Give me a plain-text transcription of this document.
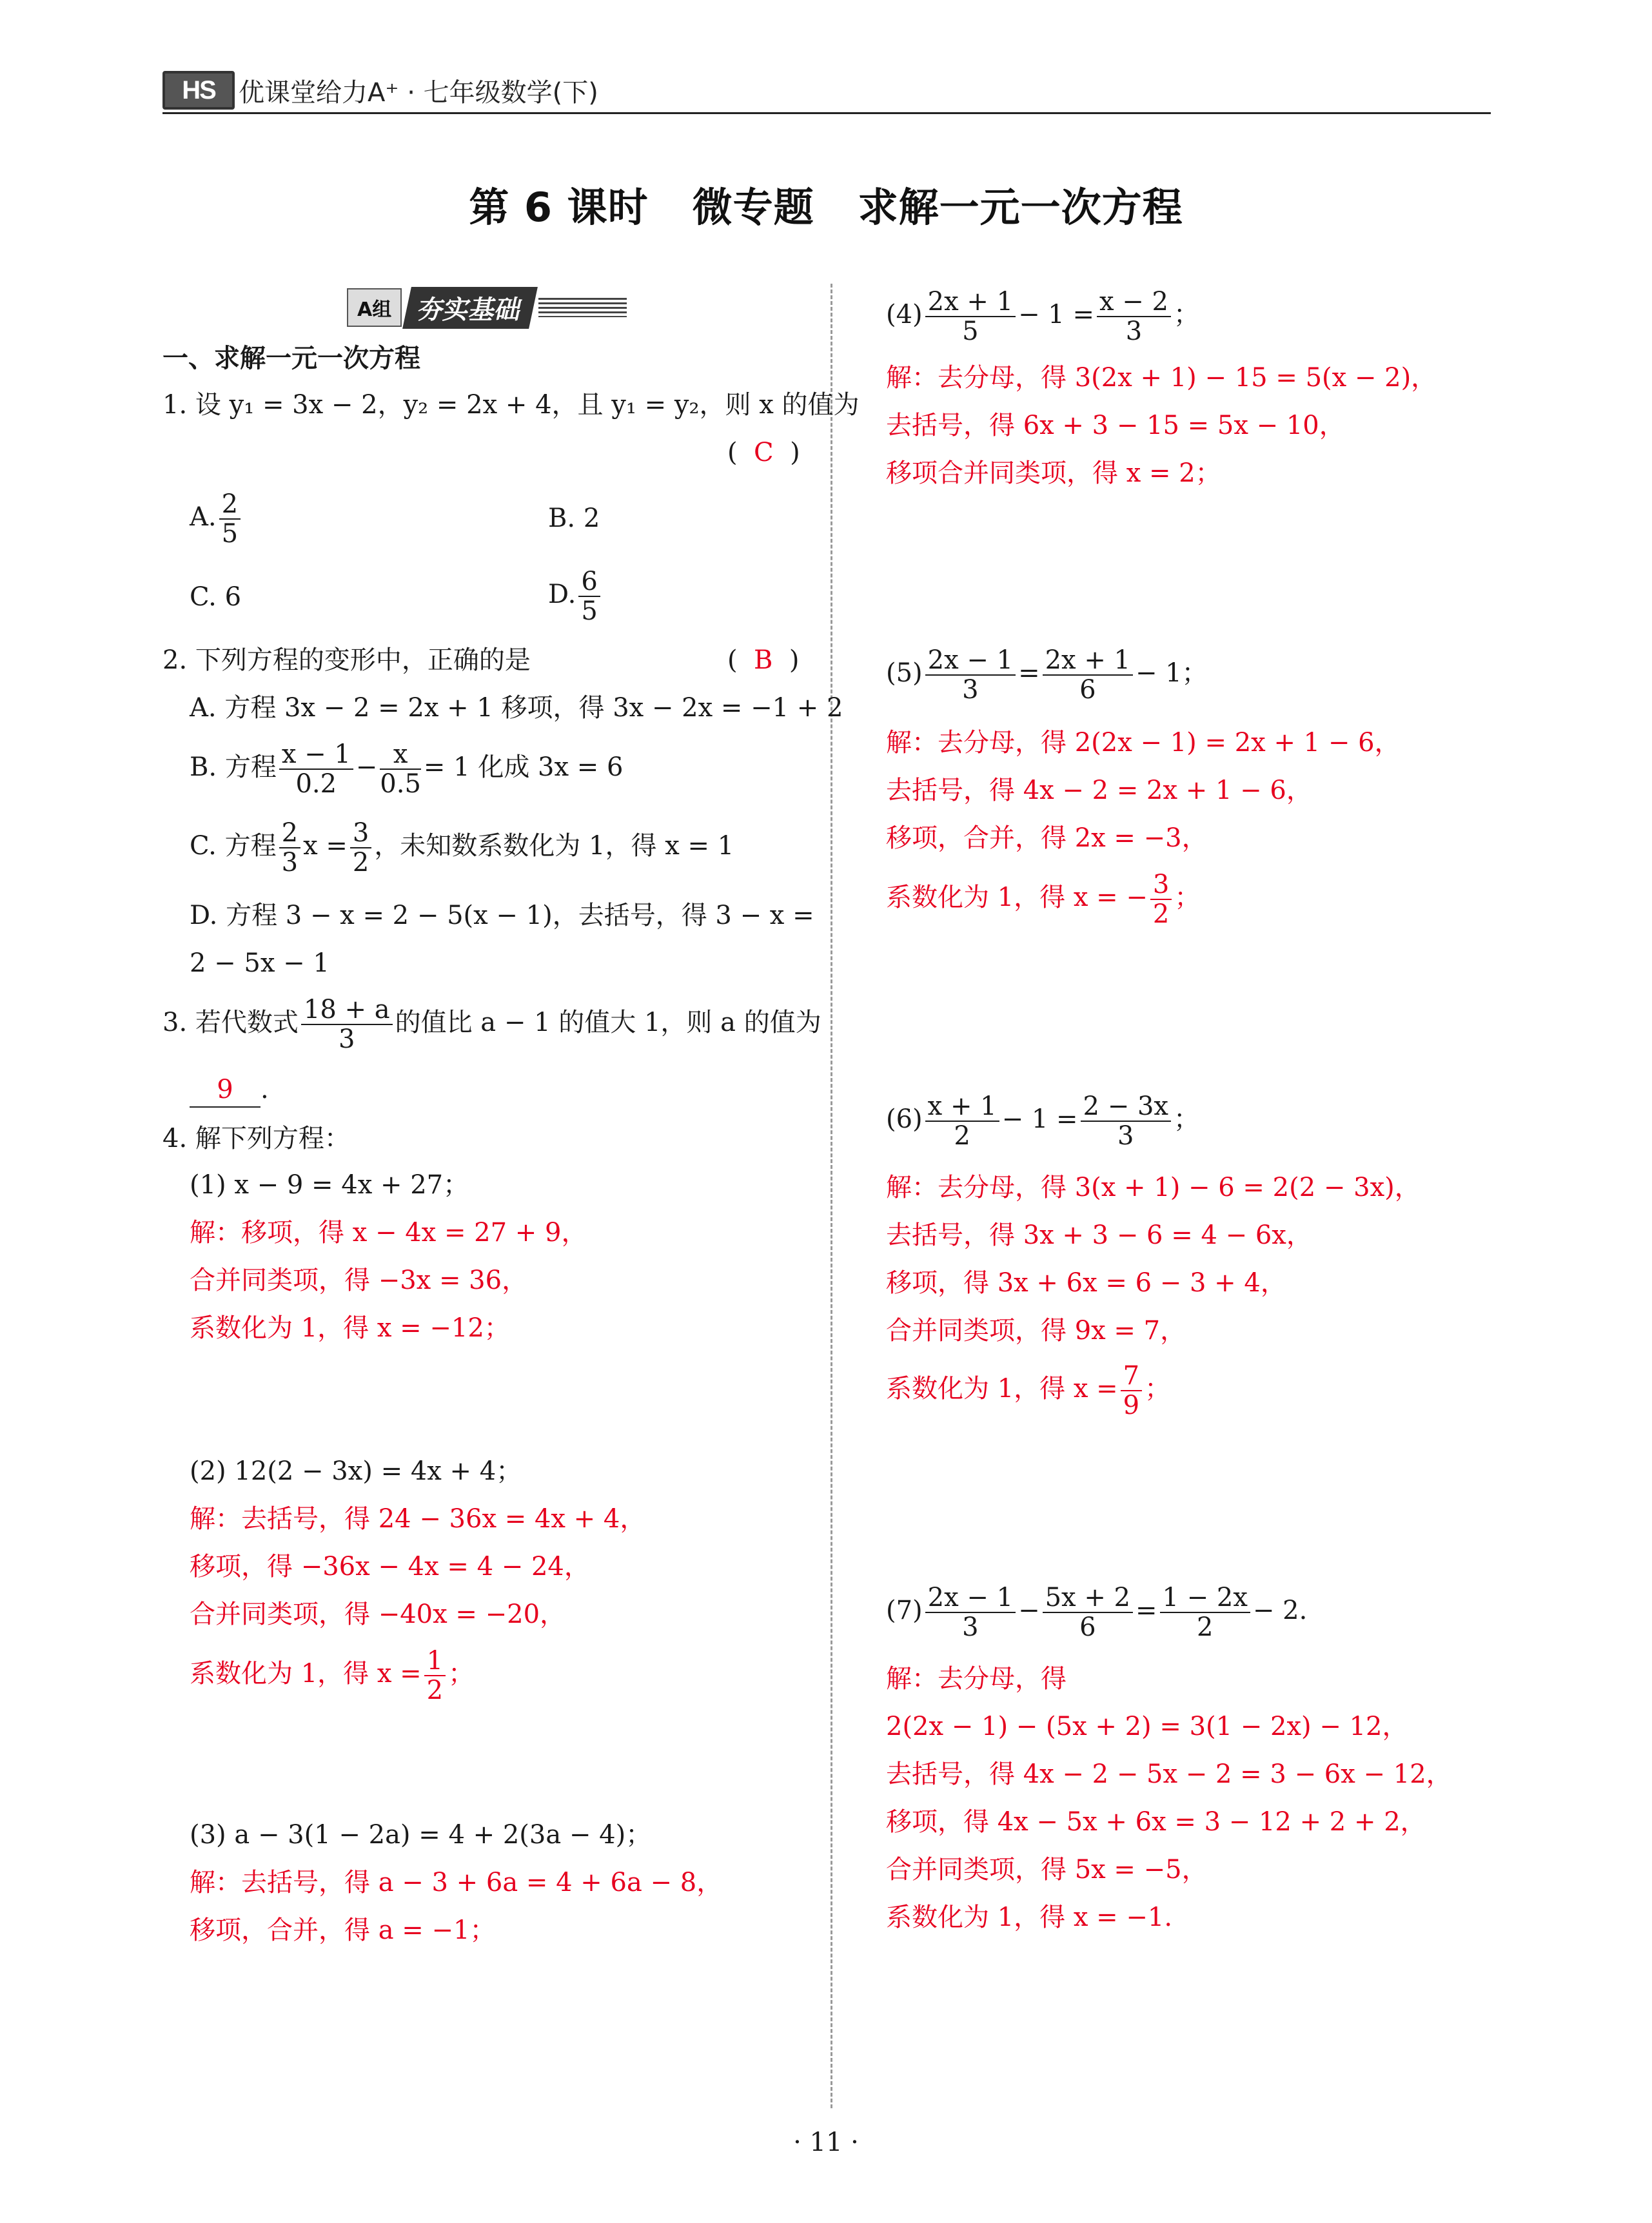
HS 优课堂给力A⁺ · 七年级数学(下)
第 6 课时 微专题 求解一元一次方程
A组 夯实基础
一、求解一元一次方程
1. 设 y₁ = 3x − 2，y₂ = 2x + 4，且 y₁ = y₂，则 x 的值为
(  C  )
A. $\frac{2}{5}$	B. 2
C. 6	D. $\frac{6}{5}$
2. 下列方程的变形中，正确的是	(  B  )
A. 方程 3x − 2 = 2x + 1 移项，得 3x − 2x = −1 + 2
B. 方程 $\frac{x - 1}{0.2} - \frac{x}{0.5} = 1$ 化成 3x = 6
C. 方程 $\frac{2}{3}$ $x = \frac{3}{2}$ ，未知数系数化为 1，得 x = 1
D. 方程 3 − x = 2 − 5(x − 1)，去括号，得 3 − x =
2 − 5x − 1
3. 若代数式 $\frac{18 + a}{3}$ 的值比 a − 1 的值大 1，则 a 的值为
9 .
4. 解下列方程：
(1) x − 9 = 4x + 27；
解：移项，得 x − 4x = 27 + 9，
合并同类项，得 −3x = 36，
系数化为 1，得 x = −12；
(2) 12(2 − 3x) = 4x + 4；
解：去括号，得 24 − 36x = 4x + 4，
移项，得 −36x − 4x = 4 − 24，
合并同类项，得 −40x = −20，
系数化为 1，得 $x = \frac{1}{2}$ ；
(3) a − 3(1 − 2a) = 4 + 2(3a − 4)；
解：去括号，得 a − 3 + 6a = 4 + 6a − 8，
移项，合并，得 a = −1；
$(4) \frac{2x + 1}{5} - 1 = \frac{x - 2}{3}$ ；
解：去分母，得 3(2x + 1) − 15 = 5(x − 2)，
去括号，得 6x + 3 − 15 = 5x − 10，
移项合并同类项，得 x = 2；
$(5) \frac{2x - 1}{3} = \frac{2x + 1}{6} - 1$；
解：去分母，得 2(2x − 1) = 2x + 1 − 6，
去括号，得 4x − 2 = 2x + 1 − 6，
移项，合并，得 2x = −3，
系数化为 1，得 x = − $\frac{3}{2}$ ；
$(6) \frac{x + 1}{2} - 1 = \frac{2 - 3x}{3}$ ；
解：去分母，得 3(x + 1) − 6 = 2(2 − 3x)，
去括号，得 3x + 3 − 6 = 4 − 6x，
移项，得 3x + 6x = 6 − 3 + 4，
合并同类项，得 9x = 7，
系数化为 1，得 $x = \frac{7}{9}$ ；
$(7) \frac{2x - 1}{3} - \frac{5x + 2}{6} = \frac{1 - 2x}{2} - 2$.
解：去分母，得
2(2x − 1) − (5x + 2) = 3(1 − 2x) − 12，
去括号，得 4x − 2 − 5x − 2 = 3 − 6x − 12，
移项，得 4x − 5x + 6x = 3 − 12 + 2 + 2，
合并同类项，得 5x = −5，
系数化为 1，得 x = −1.
· 11 ·
